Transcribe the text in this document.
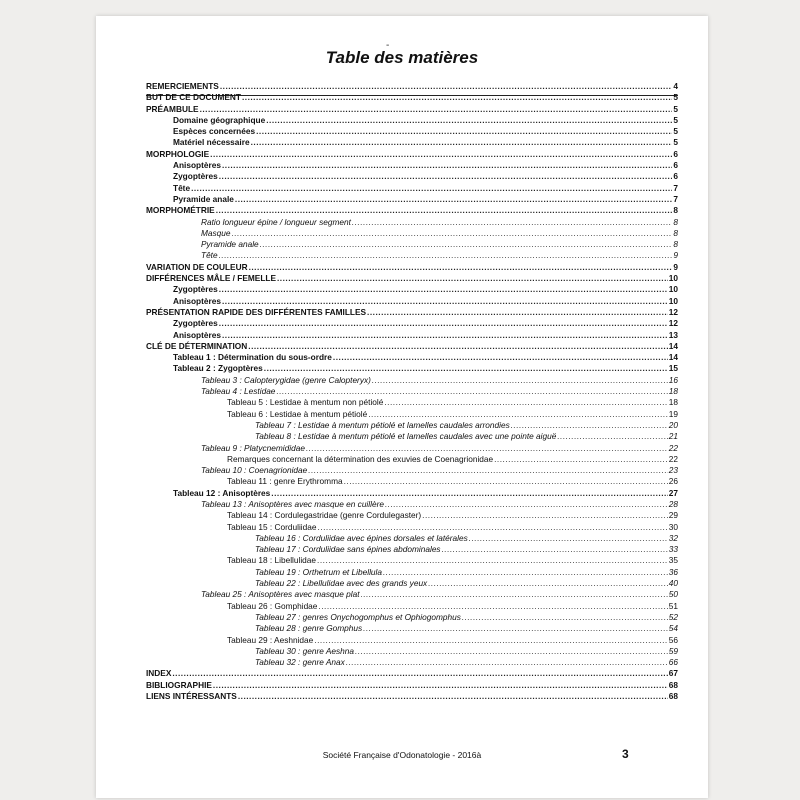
-
Table des matières
REMERCIEMENTS .....	4
BUT DE CE DOCUMENT .....	5
PRÉAMBULE .....	5
Domaine géographique .....	5
Espèces concernées .....	5
Matériel nécessaire .....	5
MORPHOLOGIE .....	6
Anisoptères .....	6
Zygoptères .....	6
Tête .....	7
Pyramide anale .....	7
MORPHOMÉTRIE .....	8
Ratio longueur épine / longueur segment .....	8
Masque .....	8
Pyramide anale .....	8
Tête .....	9
VARIATION DE COULEUR .....	9
DIFFÉRENCES MÂLE / FEMELLE .....	10
Zygoptères .....	10
Anisoptères .....	10
PRÉSENTATION RAPIDE DES DIFFÉRENTES FAMILLES .....	12
Zygoptères .....	12
Anisoptères .....	13
CLÉ DE DÉTERMINATION .....	14
Tableau 1 : Détermination du sous-ordre .....	14
Tableau 2 : Zygoptères .....	15
Tableau 3 : Calopterygidae (genre Calopteryx) .....	16
Tableau 4 : Lestidae .....	18
Tableau 5 : Lestidae à mentum non pétiolé .....	18
Tableau 6 : Lestidae à mentum pétiolé .....	19
Tableau 7 : Lestidae à mentum pétiolé et lamelles caudales arrondies .....	20
Tableau 8 : Lestidae à mentum pétiolé et lamelles caudales avec une pointe aiguë .....	21
Tableau 9 : Platycnemididae .....	22
Remarques concernant la détermination des exuvies de Coenagrionidae .....	22
Tableau 10 : Coenagrionidae .....	23
Tableau 11 : genre Erythromma .....	26
Tableau 12 : Anisoptères .....	27
Tableau 13 : Anisoptères avec masque en cuillère .....	28
Tableau 14 : Cordulegastridae (genre Cordulegaster) .....	29
Tableau 15 : Corduliidae .....	30
Tableau 16 : Corduliidae avec épines dorsales et latérales .....	32
Tableau 17 : Corduliidae sans épines abdominales .....	33
Tableau 18 : Libellulidae .....	35
Tableau 19 : Orthetrum et Libellula .....	36
Tableau 22 : Libellulidae avec des grands yeux .....	40
Tableau 25 : Anisoptères avec masque plat .....	50
Tableau 26 : Gomphidae .....	51
Tableau 27 : genres Onychogomphus et Ophiogomphus .....	52
Tableau 28 : genre Gomphus .....	54
Tableau 29 : Aeshnidae .....	56
Tableau 30 : genre Aeshna .....	59
Tableau 32 : genre Anax .....	66
INDEX .....	67
BIBLIOGRAPHIE .....	68
LIENS INTÉRESSANTS .....	68
Société Française d'Odonatologie - 2016à	3
